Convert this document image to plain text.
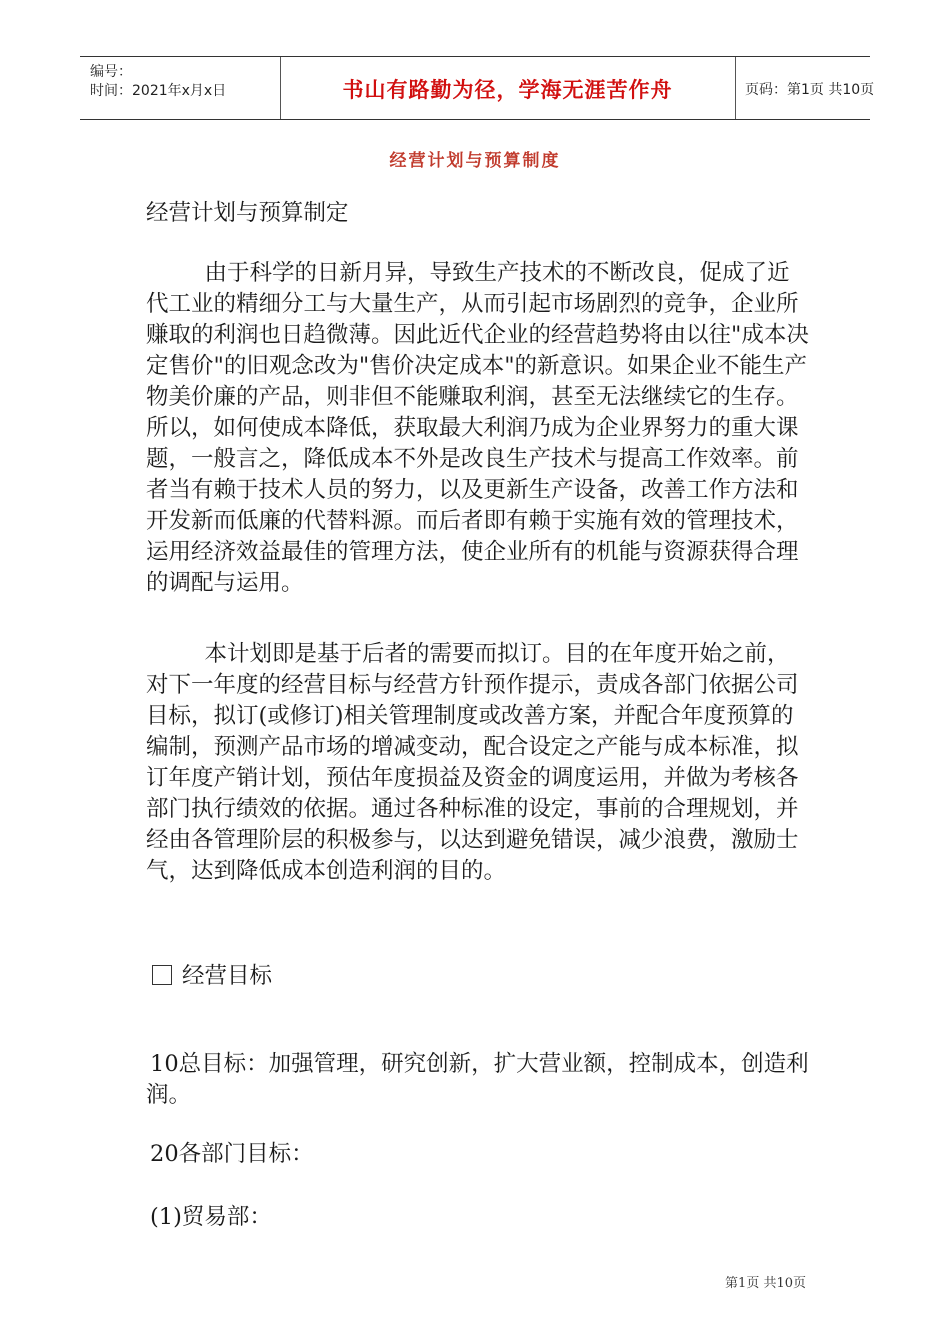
编号：
时间：2021年x月x日	书山有路勤为径，学海无涯苦作舟	页码：第1页 共10页
经营计划与预算制度

经营计划与预算制定

由于科学的日新月异，导致生产技术的不断改良，促成了近代工业的精细分工与大量生产，从而引起市场剧烈的竞争，企业所赚取的利润也日趋微薄。因此近代企业的经营趋势将由以往"成本决定售价"的旧观念改为"售价决定成本"的新意识。如果企业不能生产物美价廉的产品，则非但不能赚取利润，甚至无法继续它的生存。所以，如何使成本降低，获取最大利润乃成为企业界努力的重大课题，一般言之，降低成本不外是改良生产技术与提高工作效率。前者当有赖于技术人员的努力，以及更新生产设备，改善工作方法和开发新而低廉的代替料源。而后者即有赖于实施有效的管理技术，运用经济效益最佳的管理方法，使企业所有的机能与资源获得合理的调配与运用。

本计划即是基于后者的需要而拟订。目的在年度开始之前，对下一年度的经营目标与经营方针预作提示，责成各部门依据公司目标，拟订(或修订)相关管理制度或改善方案，并配合年度预算的编制，预测产品市场的增减变动，配合设定之产能与成本标准，拟订年度产销计划，预估年度损益及资金的调度运用，并做为考核各部门执行绩效的依据。通过各种标准的设定，事前的合理规划，并经由各管理阶层的积极参与，以达到避免错误，减少浪费，激励士气，达到降低成本创造利润的目的。

经营目标

10总目标：加强管理，研究创新，扩大营业额，控制成本，创造利润。

20各部门目标：

(1)贸易部：

第1页 共10页
